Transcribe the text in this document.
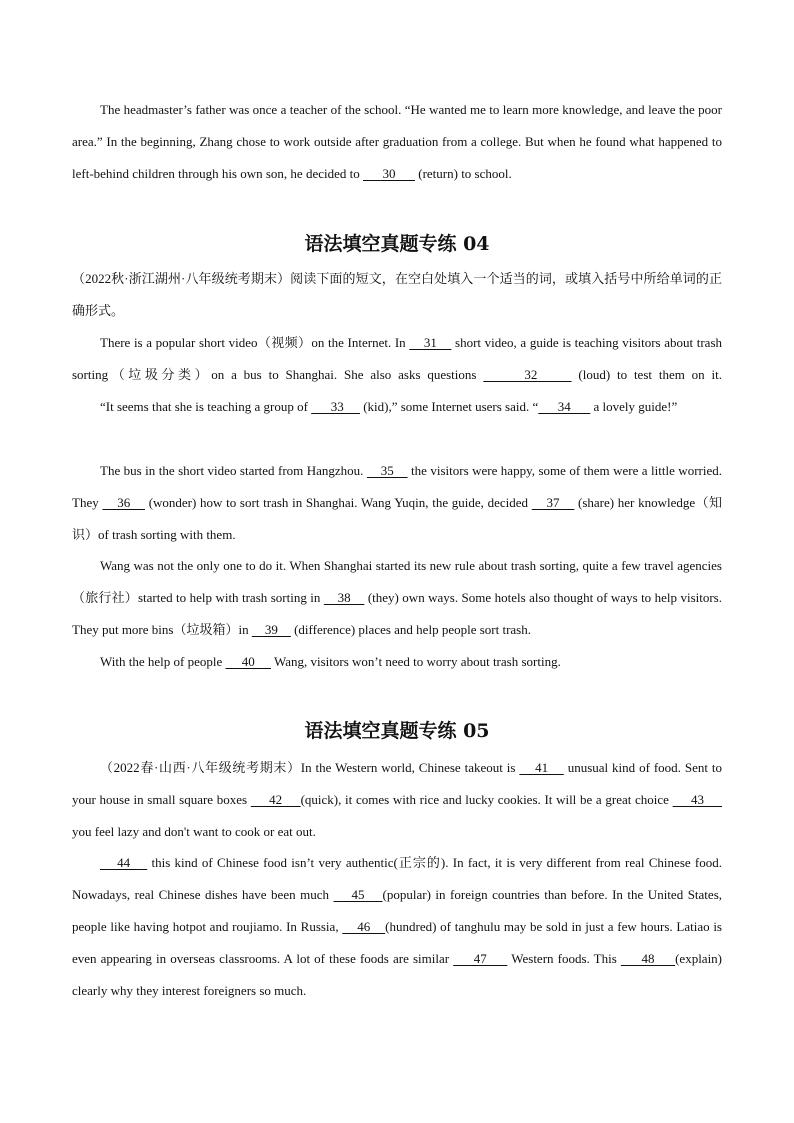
The headmaster’s father was once a teacher of the school. “He wanted me to learn more knowledge, and leave the poor area.” In the beginning, Zhang chose to work outside after graduation from a college. But when he found what happened to left-behind children through his own son, he decided to       30       (return) to school.

语法填空真题专练 04

（2022秋·浙江湖州·八年级统考期末）阅读下面的短文，在空白处填入一个适当的词，或填入括号中所给单词的正确形式。

There is a popular short video（视频）on the Internet. In     31     short video, a guide is teaching visitors about trash sorting（垃圾分类）on a bus to Shanghai. She also asks questions       32      (loud) to test them on it.

“It seems that she is teaching a group of       33      (kid),” some Internet users said. “      34       a lovely guide!”

The bus in the short video started from Hangzhou.     35     the visitors were happy, some of them were a little worried. They     36     (wonder) how to sort trash in Shanghai. Wang Yuqin, the guide, decided     37     (share) her knowledge（知识）of trash sorting with them.

Wang was not the only one to do it. When Shanghai started its new rule about trash sorting, quite a few travel agencies（旅行社）started to help with trash sorting in     38     (they) own ways. Some hotels also thought of ways to help visitors. They put more bins（垃圾箱）in     39     (difference) places and help people sort trash.

With the help of people      40      Wang, visitors won’t need to worry about trash sorting.

语法填空真题专练 05

（2022春·山西·八年级统考期末）In the Western world, Chinese takeout is     41     unusual kind of food. Sent to your house in small square boxes      42     (quick), it comes with rice and lucky cookies. It will be a great choice      43      you feel lazy and don't want to cook or eat out.

44     this kind of Chinese food isn’t very authentic(正宗的). In fact, it is very different from real Chinese food. Nowadays, real Chinese dishes have been much     45    (popular) in foreign countries than before. In the United States, people like having hotpot and roujiamo. In Russia,     46    (hundred) of tanghulu may be sold in just a few hours. Latiao is even appearing in overseas classrooms. A lot of these foods are similar      47      Western foods. This      48     (explain) clearly why they interest foreigners so much.
